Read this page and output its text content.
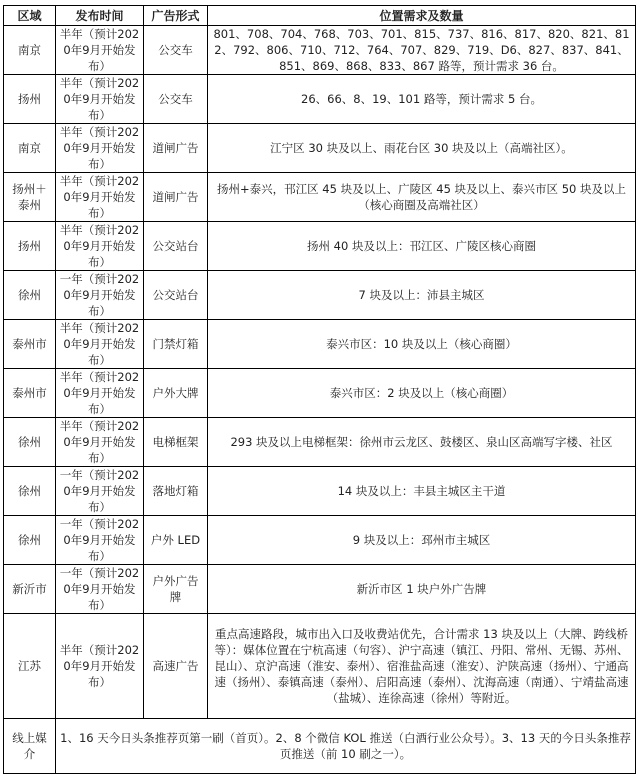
区域	发布时间	广告形式	位置需求及数量
南京	半年（预计2020年9月开始发布）	公交车	801、708、704、768、703、701、815、737、816、817、820、821、812、792、806、710、712、764、707、829、719、D6、827、837、841、851、869、868、833、867 路等，预计需求 36 台。
扬州	半年（预计2020年9月开始发布）	公交车	26、66、8、19、101 路等，预计需求 5 台。
南京	半年（预计2020年9月开始发布）	道闸广告	江宁区 30 块及以上、雨花台区 30 块及以上（高端社区）。
扬州＋泰州	半年（预计2020年9月开始发布）	道闸广告	扬州+泰兴，邗江区 45 块及以上、广陵区 45 块及以上、泰兴市区 50 块及以上（核心商圈及高端社区）
扬州	半年（预计2020年9月开始发布）	公交站台	扬州 40 块及以上：邗江区、广陵区核心商圈
徐州	一年（预计2020年9月开始发布）	公交站台	7 块及以上：沛县主城区
泰州市	半年（预计2020年9月开始发布）	门禁灯箱	泰兴市区：10 块及以上（核心商圈）
泰州市	半年（预计2020年9月开始发布）	户外大牌	泰兴市区：2 块及以上（核心商圈）
徐州	半年（预计2020年9月开始发布）	电梯框架	293 块及以上电梯框架：徐州市云龙区、鼓楼区、泉山区高端写字楼、社区
徐州	一年（预计2020年9月开始发布）	落地灯箱	14 块及以上：丰县主城区主干道
徐州	一年（预计2020年9月开始发布）	户外 LED	9 块及以上：邳州市主城区
新沂市	一年（预计2020年9月开始发布）	户外广告牌	新沂市区 1 块户外广告牌
江苏	半年（预计2020年9月开始发布）	高速广告	重点高速路段，城市出入口及收费站优先，合计需求 13 块及以上（大牌、跨线桥等）：媒体位置在宁杭高速（句容）、沪宁高速（镇江、丹阳、常州、无锡、苏州、昆山）、京沪高速（淮安、泰州）、宿淮盐高速（淮安）、沪陕高速（扬州）、宁通高速（扬州）、泰镇高速（泰州）、启阳高速（泰州）、沈海高速（南通）、宁靖盐高速（盐城）、连徐高速（徐州）等附近。
线上媒介	1、16 天今日头条推荐页第一刷（首页）。2、8 个微信 KOL 推送（白酒行业公众号）。3、13 天的今日头条推荐页推送（前 10 刷之一）。		
